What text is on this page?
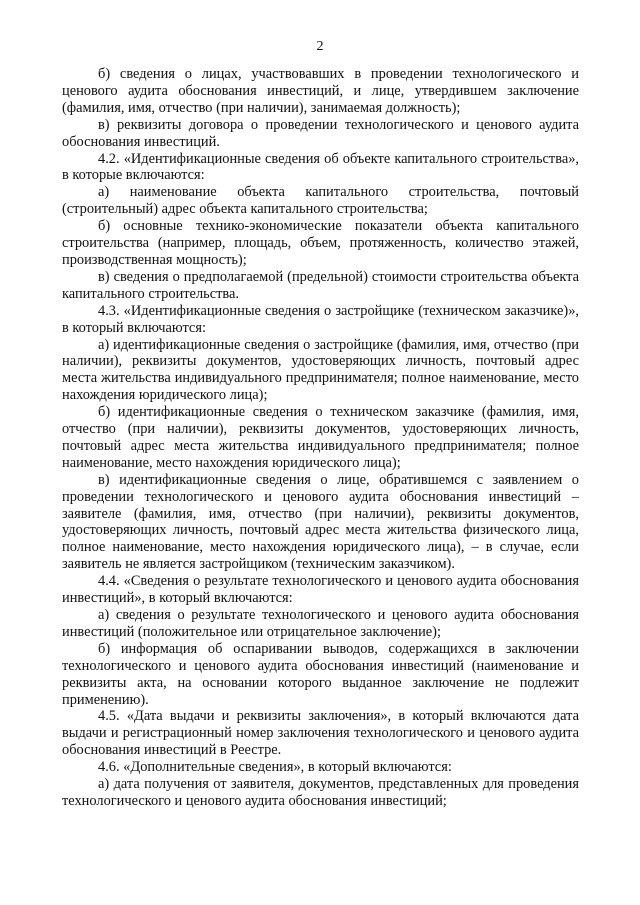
2

б) сведения о лицах, участвовавших в проведении технологического и ценового аудита обоснования инвестиций, и лице, утвердившем заключение (фамилия, имя, отчество (при наличии), занимаемая должность);

в) реквизиты договора о проведении технологического и ценового аудита обоснования инвестиций.

4.2. «Идентификационные сведения об объекте капитального строительства», в которые включаются:

а) наименование объекта капитального строительства, почтовый (строительный) адрес объекта капитального строительства;

б) основные технико-экономические показатели объекта капитального строительства (например, площадь, объем, протяженность, количество этажей, производственная мощность);

в) сведения о предполагаемой (предельной) стоимости строительства объекта капитального строительства.

4.3. «Идентификационные сведения о застройщике (техническом заказчике)», в который включаются:

а) идентификационные сведения о застройщике (фамилия, имя, отчество (при наличии), реквизиты документов, удостоверяющих личность, почтовый адрес места жительства индивидуального предпринимателя; полное наименование, место нахождения юридического лица);

б) идентификационные сведения о техническом заказчике (фамилия, имя, отчество (при наличии), реквизиты документов, удостоверяющих личность, почтовый адрес места жительства индивидуального предпринимателя; полное наименование, место нахождения юридического лица);

в) идентификационные сведения о лице, обратившемся с заявлением о проведении технологического и ценового аудита обоснования инвестиций – заявителе (фамилия, имя, отчество (при наличии), реквизиты документов, удостоверяющих личность, почтовый адрес места жительства физического лица, полное наименование, место нахождения юридического лица), – в случае, если заявитель не является застройщиком (техническим заказчиком).

4.4. «Сведения о результате технологического и ценового аудита обоснования инвестиций», в который включаются:

а) сведения о результате технологического и ценового аудита обоснования инвестиций (положительное или отрицательное заключение);

б) информация об оспаривании выводов, содержащихся в заключении технологического и ценового аудита обоснования инвестиций (наименование и реквизиты акта, на основании которого выданное заключение не подлежит применению).

4.5. «Дата выдачи и реквизиты заключения», в который включаются дата выдачи и регистрационный номер заключения технологического и ценового аудита обоснования инвестиций в Реестре.

4.6. «Дополнительные сведения», в который включаются:

а) дата получения от заявителя, документов, представленных для проведения технологического и ценового аудита обоснования инвестиций;
